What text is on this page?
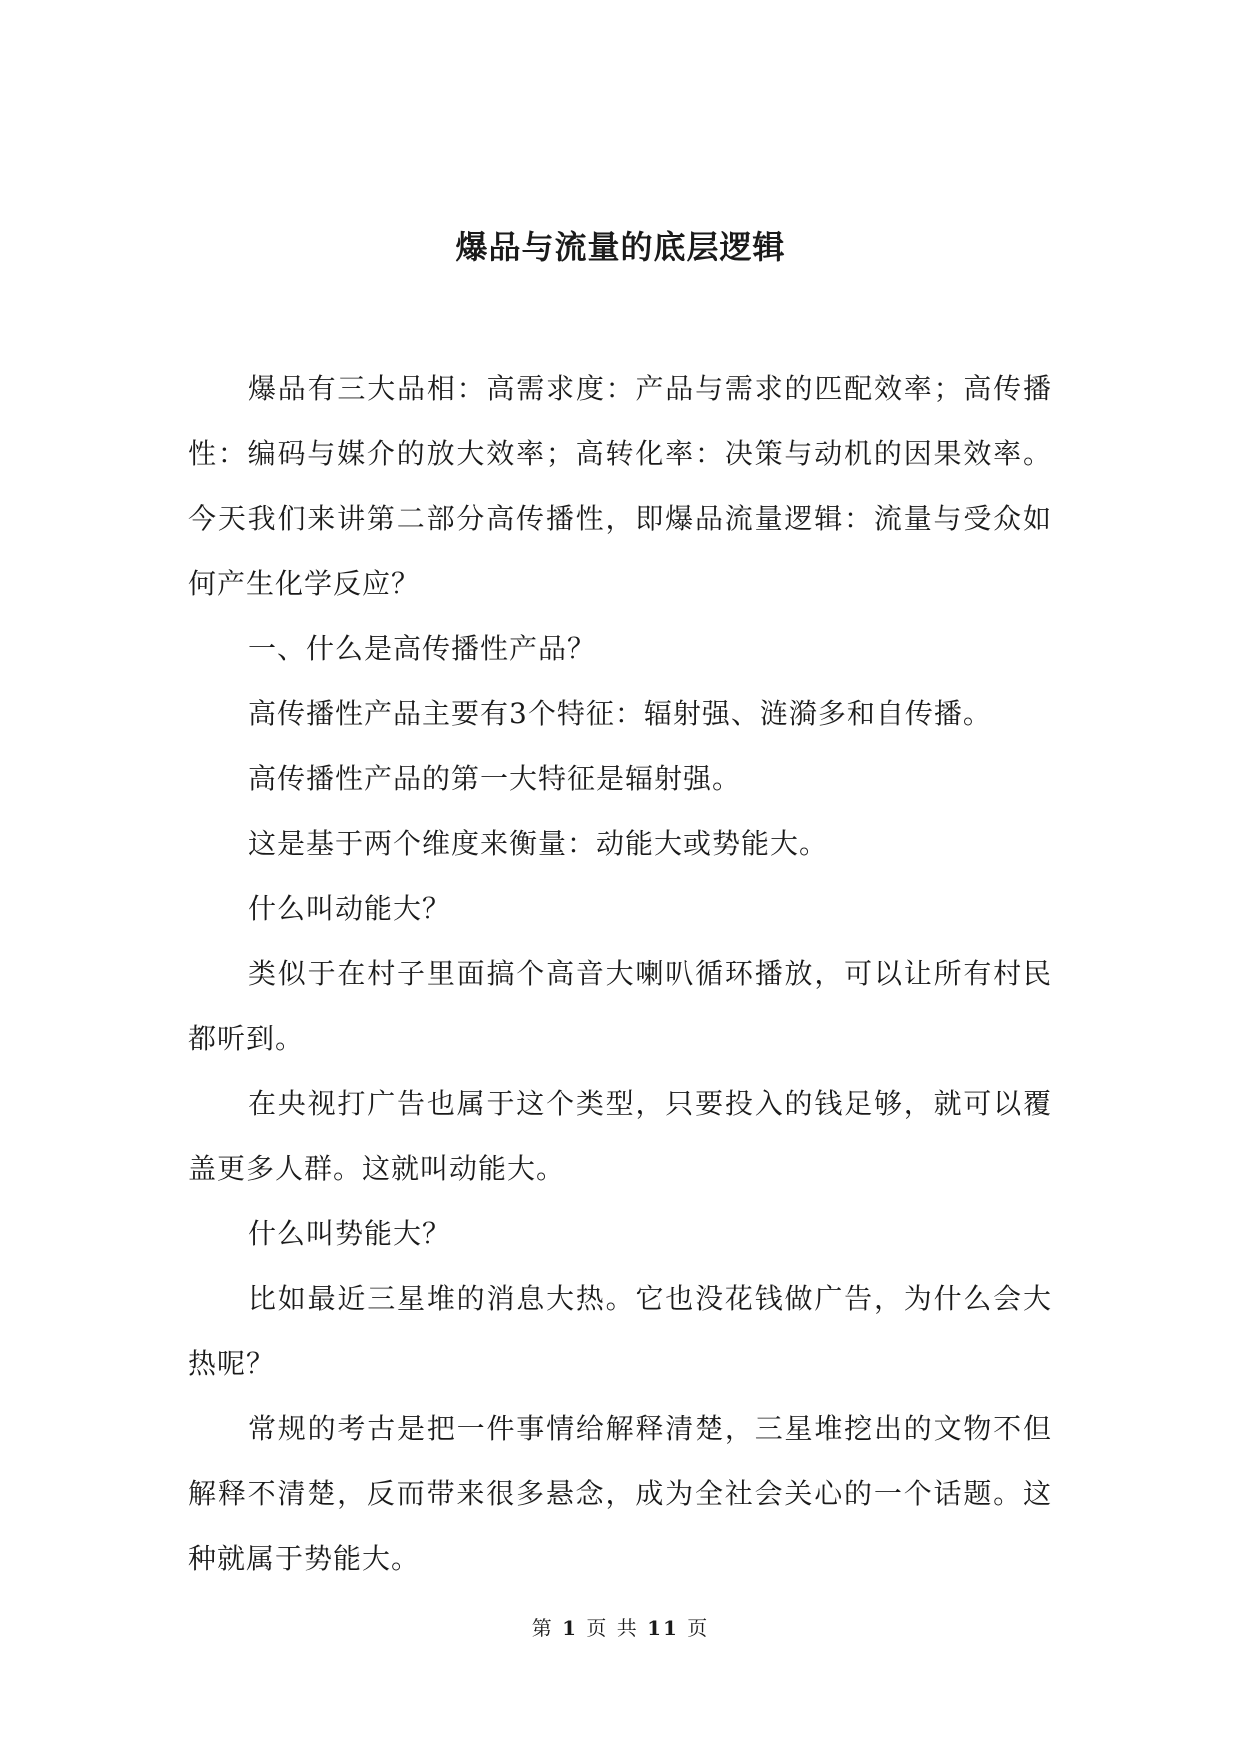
爆品与流量的底层逻辑

爆品有三大品相：高需求度：产品与需求的匹配效率；高传播性：编码与媒介的放大效率；高转化率：决策与动机的因果效率。今天我们来讲第二部分高传播性，即爆品流量逻辑：流量与受众如何产生化学反应？

一、什么是高传播性产品？

高传播性产品主要有3个特征：辐射强、涟漪多和自传播。

高传播性产品的第一大特征是辐射强。

这是基于两个维度来衡量：动能大或势能大。

什么叫动能大？

类似于在村子里面搞个高音大喇叭循环播放，可以让所有村民都听到。

在央视打广告也属于这个类型，只要投入的钱足够，就可以覆盖更多人群。这就叫动能大。

什么叫势能大？

比如最近三星堆的消息大热。它也没花钱做广告，为什么会大热呢？

常规的考古是把一件事情给解释清楚，三星堆挖出的文物不但解释不清楚，反而带来很多悬念，成为全社会关心的一个话题。这种就属于势能大。

第 1 页 共 11 页
